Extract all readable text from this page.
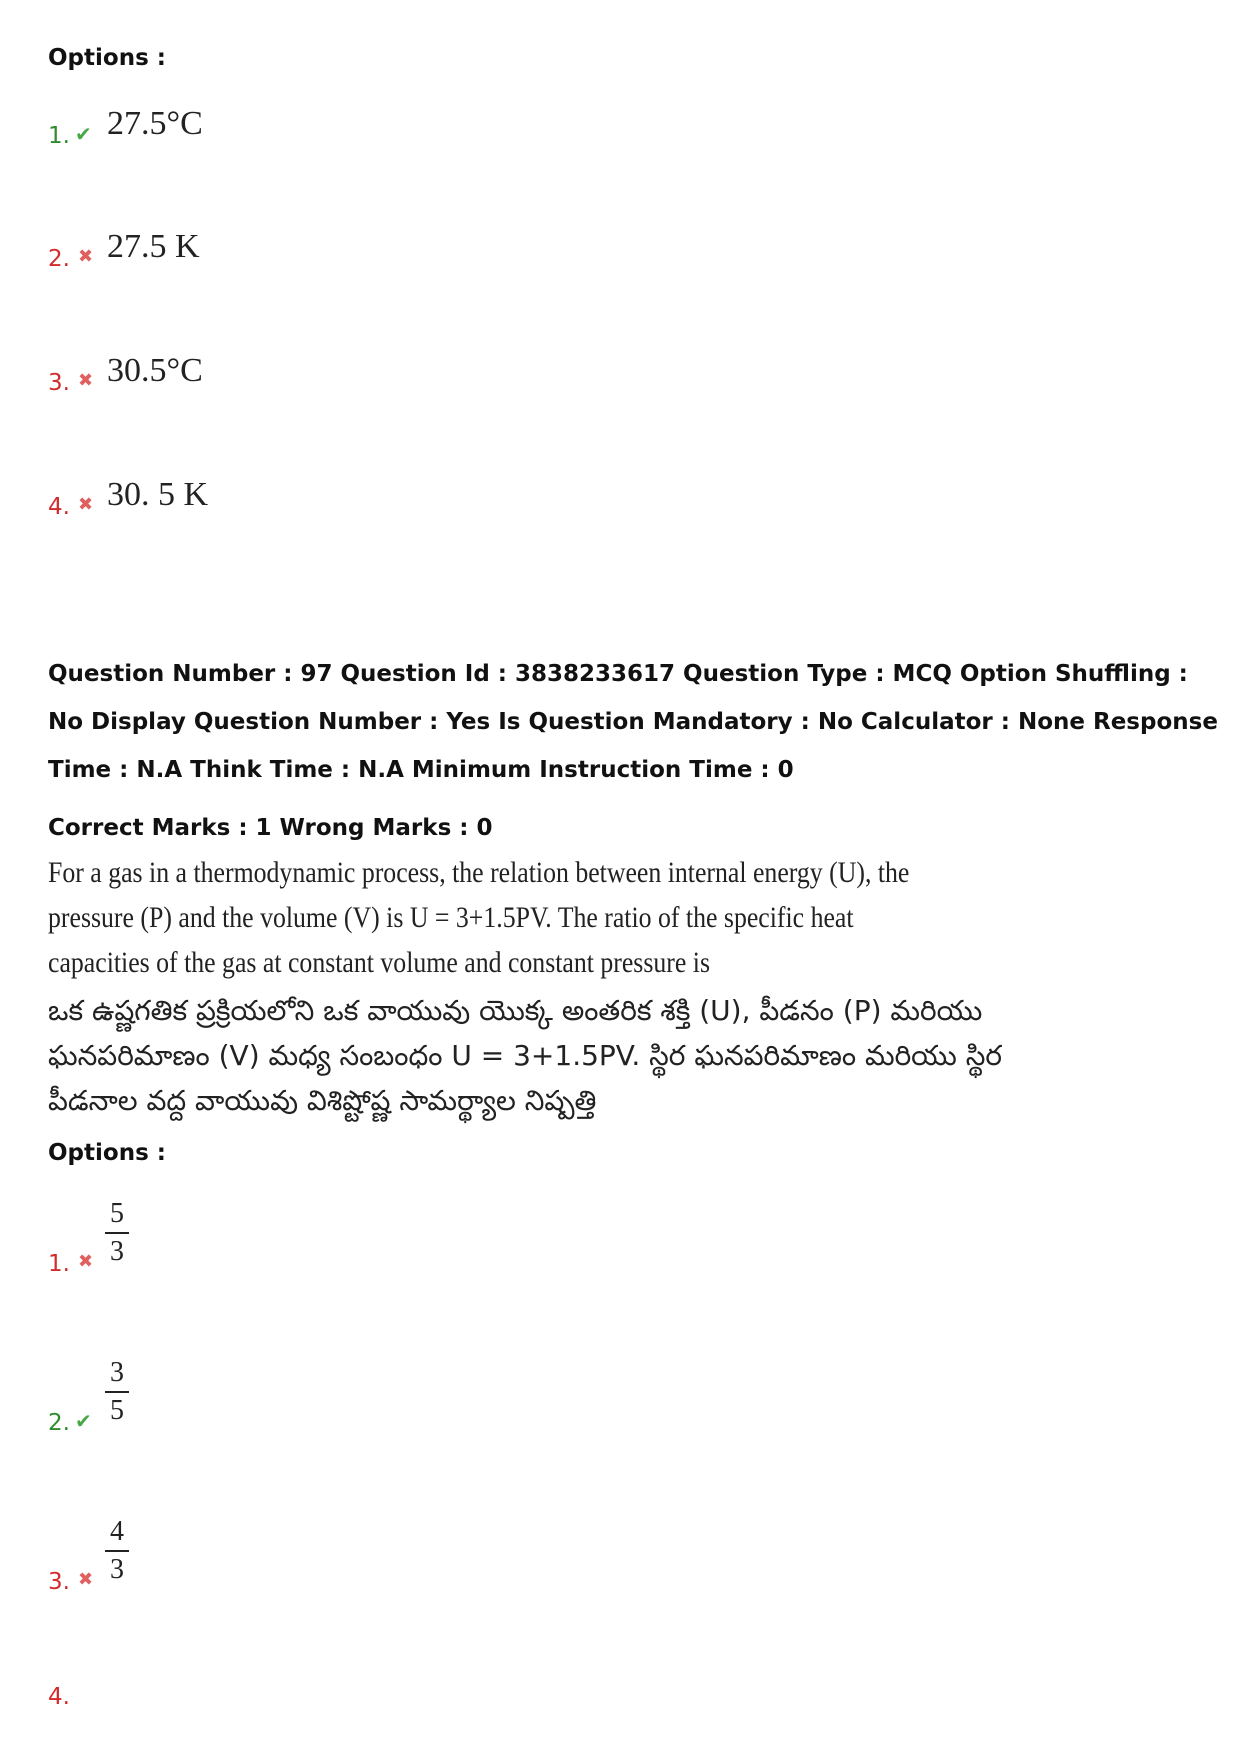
Options :
1. ✔ 27.5°C
2. ✖ 27.5 K
3. ✖ 30.5°C
4. ✖ 30. 5 K
Question Number : 97 Question Id : 3838233617 Question Type : MCQ Option Shuffling : No Display Question Number : Yes Is Question Mandatory : No Calculator : None Response Time : N.A Think Time : N.A Minimum Instruction Time : 0
Correct Marks : 1 Wrong Marks : 0
For a gas in a thermodynamic process, the relation between internal energy (U), the pressure (P) and the volume (V) is U = 3+1.5PV. The ratio of the specific heat capacities of the gas at constant volume and constant pressure is
ఒక ఉష్ణగతిక ప్రక్రియలోని ఒక వాయువు యొక్క అంతరిక శక్తి (U), పీడనం (P) మరియు ఘనపరిమాణం (V) మధ్య సంబంధం U = 3+1.5PV. స్థిర ఘనపరిమాణం మరియు స్థిర పీడనాల వద్ద వాయువు విశిష్టోష్ణ సామర్థ్యాల నిష్పత్తి
Options :
1. ✖
5
3
2. ✔
3
5
3. ✖
4
3
4.
